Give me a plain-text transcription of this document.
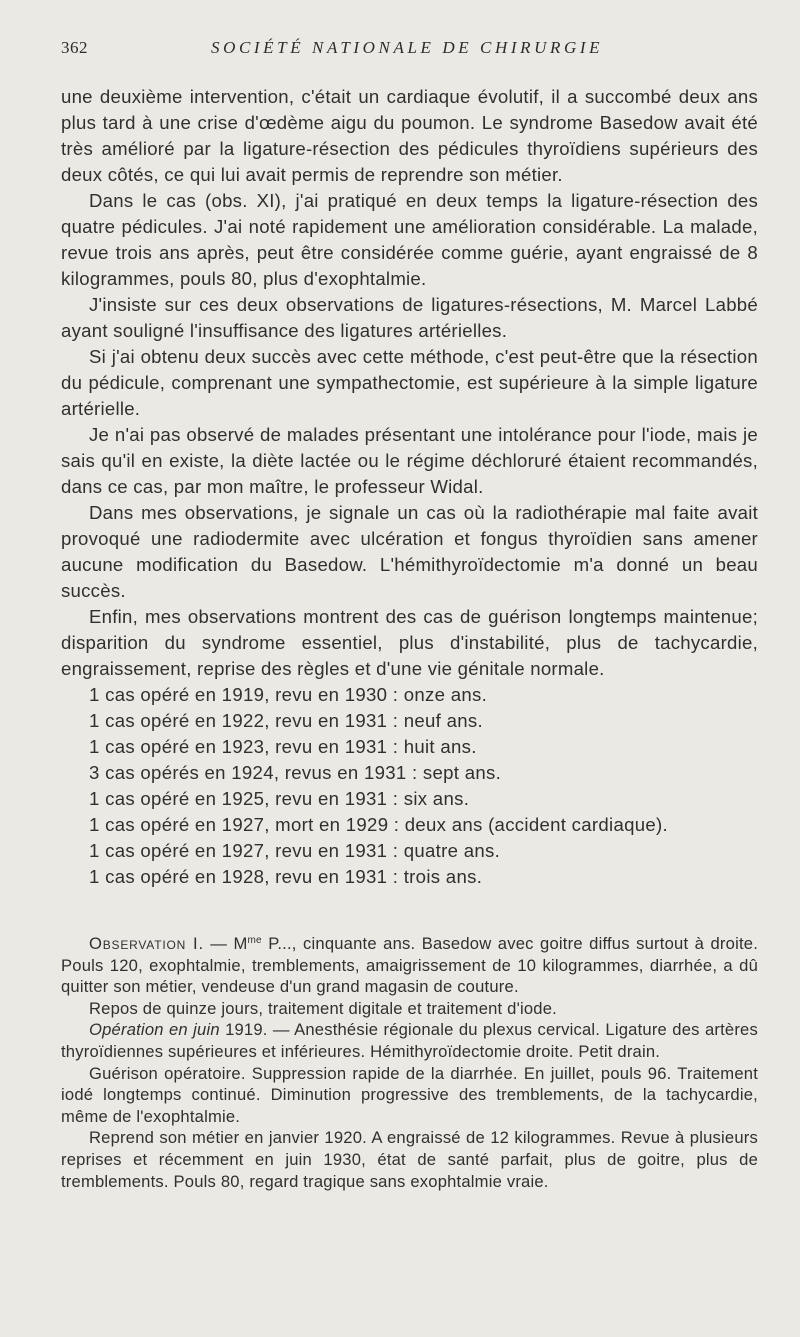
362	SOCIÉTÉ NATIONALE DE CHIRURGIE

une deuxième intervention, c'était un cardiaque évolutif, il a succombé deux ans plus tard à une crise d'œdème aigu du poumon. Le syndrome Basedow avait été très amélioré par la ligature-résection des pédicules thyroïdiens supérieurs des deux côtés, ce qui lui avait permis de reprendre son métier.

Dans le cas (obs. XI), j'ai pratiqué en deux temps la ligature-résection des quatre pédicules. J'ai noté rapidement une amélioration considérable. La malade, revue trois ans après, peut être considérée comme guérie, ayant engraissé de 8 kilogrammes, pouls 80, plus d'exophtalmie.

J'insiste sur ces deux observations de ligatures-résections, M. Marcel Labbé ayant souligné l'insuffisance des ligatures artérielles.

Si j'ai obtenu deux succès avec cette méthode, c'est peut-être que la résection du pédicule, comprenant une sympathectomie, est supérieure à la simple ligature artérielle.

Je n'ai pas observé de malades présentant une intolérance pour l'iode, mais je sais qu'il en existe, la diète lactée ou le régime déchloruré étaient recommandés, dans ce cas, par mon maître, le professeur Widal.

Dans mes observations, je signale un cas où la radiothérapie mal faite avait provoqué une radiodermite avec ulcération et fongus thyroïdien sans amener aucune modification du Basedow. L'hémithyroïdectomie m'a donné un beau succès.

Enfin, mes observations montrent des cas de guérison longtemps maintenue; disparition du syndrome essentiel, plus d'instabilité, plus de tachycardie, engraissement, reprise des règles et d'une vie génitale normale.

1 cas opéré en 1919, revu en 1930 : onze ans.
1 cas opéré en 1922, revu en 1931 : neuf ans.
1 cas opéré en 1923, revu en 1931 : huit ans.
3 cas opérés en 1924, revus en 1931 : sept ans.
1 cas opéré en 1925, revu en 1931 : six ans.
1 cas opéré en 1927, mort en 1929 : deux ans (accident cardiaque).
1 cas opéré en 1927, revu en 1931 : quatre ans.
1 cas opéré en 1928, revu en 1931 : trois ans.

Observation I. — $M^{me}$ P..., cinquante ans. Basedow avec goitre diffus surtout à droite. Pouls 120, exophtalmie, tremblements, amaigrissement de 10 kilogrammes, diarrhée, a dû quitter son métier, vendeuse d'un grand magasin de couture.

Repos de quinze jours, traitement digitale et traitement d'iode.

Opération en juin 1919. — Anesthésie régionale du plexus cervical. Ligature des artères thyroïdiennes supérieures et inférieures. Hémithyroïdectomie droite. Petit drain.

Guérison opératoire. Suppression rapide de la diarrhée. En juillet, pouls 96. Traitement iodé longtemps continué. Diminution progressive des tremblements, de la tachycardie, même de l'exophtalmie.

Reprend son métier en janvier 1920. A engraissé de 12 kilogrammes. Revue à plusieurs reprises et récemment en juin 1930, état de santé parfait, plus de goitre, plus de tremblements. Pouls 80, regard tragique sans exophtalmie vraie.
